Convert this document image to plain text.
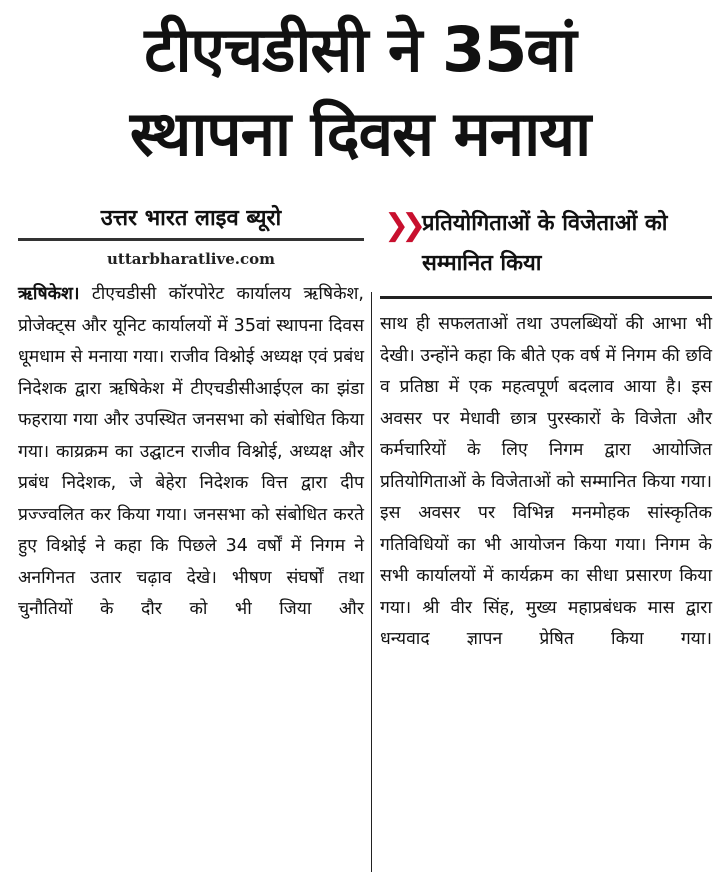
टीएचडीसी ने 35वां
स्थापना दिवस मनाया
उत्तर भारत लाइव ब्यूरो
uttarbharatlive.com

ऋषिकेश। टीएचडीसी कॉरपोरेट कार्यालय ऋषिकेश, प्रोजेक्ट्स और यूनिट कार्यालयों में 35वां स्थापना दिवस धूमधाम से मनाया गया। राजीव विश्नोई अध्यक्ष एवं प्रबंध निदेशक द्वारा ऋषिकेश में टीएचडीसीआईएल का झंडा फहराया गया और उपस्थित जनसभा को संबोधित किया गया। काय्रक्रम का उद्घाटन राजीव विश्नोई, अध्यक्ष और प्रबंध निदेशक, जे बेहेरा निदेशक वित्त द्वारा दीप प्रज्ज्वलित कर किया गया। जनसभा को संबोधित करते हुए विश्नोई ने कहा कि पिछले 34 वर्षों में निगम ने अनगिनत उतार चढ़ाव देखे। भीषण संघर्षों तथा चुनौतियों के दौर को भी जिया और

❯❯ प्रतियोगिताओं के विजेताओं को सम्मानित किया

साथ ही सफलताओं तथा उपलब्धियों की आभा भी देखी। उन्होंने कहा कि बीते एक वर्ष में निगम की छवि व प्रतिष्ठा में एक महत्वपूर्ण बदलाव आया है। इस अवसर पर मेधावी छात्र पुरस्कारों के विजेता और कर्मचारियों के लिए निगम द्वारा आयोजित प्रतियोगिताओं के विजेताओं को सम्मानित किया गया। इस अवसर पर विभिन्न मनमोहक सांस्कृतिक गतिविधियों का भी आयोजन किया गया। निगम के सभी कार्यालयों में कार्यक्रम का सीधा प्रसारण किया गया। श्री वीर सिंह, मुख्य महाप्रबंधक मास द्वारा धन्यवाद ज्ञापन प्रेषित किया गया।
